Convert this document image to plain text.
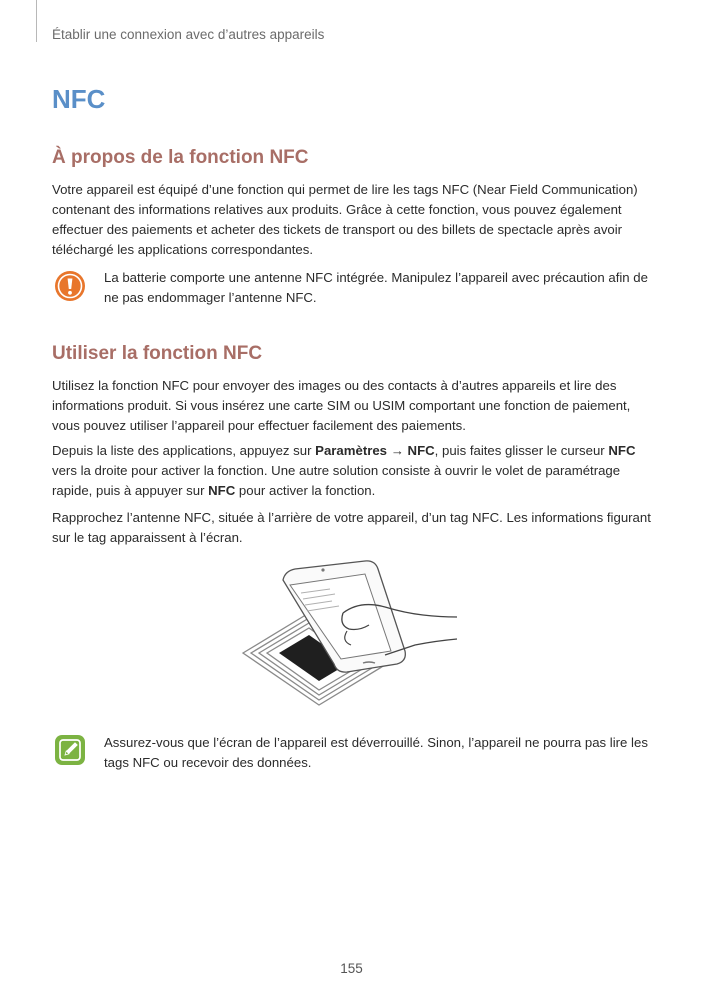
Établir une connexion avec d’autres appareils
NFC
À propos de la fonction NFC

Votre appareil est équipé d’une fonction qui permet de lire les tags NFC (Near Field Communication) contenant des informations relatives aux produits. Grâce à cette fonction, vous pouvez également effectuer des paiements et acheter des tickets de transport ou des billets de spectacle après avoir téléchargé les applications correspondantes.

La batterie comporte une antenne NFC intégrée. Manipulez l’appareil avec précaution afin de ne pas endommager l’antenne NFC.

Utiliser la fonction NFC

Utilisez la fonction NFC pour envoyer des images ou des contacts à d’autres appareils et lire des informations produit. Si vous insérez une carte SIM ou USIM comportant une fonction de paiement, vous pouvez utiliser l’appareil pour effectuer facilement des paiements.

Depuis la liste des applications, appuyez sur Paramètres → NFC, puis faites glisser le curseur NFC vers la droite pour activer la fonction. Une autre solution consiste à ouvrir le volet de paramétrage rapide, puis à appuyer sur NFC pour activer la fonction.

Rapprochez l’antenne NFC, située à l’arrière de votre appareil, d’un tag NFC. Les informations figurant sur le tag apparaissent à l’écran.

Assurez-vous que l’écran de l’appareil est déverrouillé. Sinon, l’appareil ne pourra pas lire les tags NFC ou recevoir des données.

155
